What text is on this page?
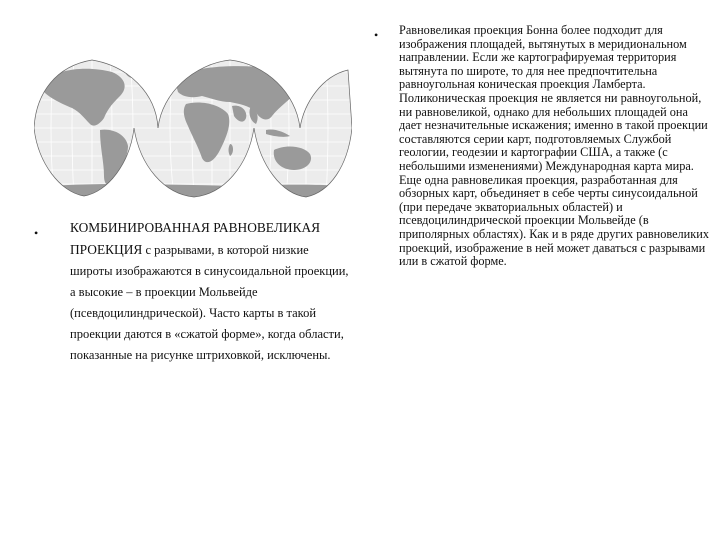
• КОМБИНИРОВАННАЯ РАВНОВЕЛИКАЯ ПРОЕКЦИЯ с разрывами, в которой низкие широты изображаются в синусоидальной проекции, а высокие – в проекции Мольвейде (псевдоцилиндрической). Часто карты в такой проекции даются в «сжатой форме», когда области, показанные на рисунке штриховкой, исключены.
• Равновеликая проекция Бонна более подходит для изображения площадей, вытянутых в меридиональном направлении. Если же картографируемая территория вытянута по широте, то для нее предпочтительна равноугольная коническая проекция Ламберта. Поликоническая проекция не является ни равноугольной, ни равновеликой, однако для небольших площадей она дает незначительные искажения; именно в такой проекции составляются серии карт, подготовляемых Службой геологии, геодезии и картографии США, а также (с небольшими изменениями) Международная карта мира. Еще одна равновеликая проекция, разработанная для обзорных карт, объединяет в себе черты синусоидальной (при передаче экваториальных областей) и псевдоцилиндрической проекции Мольвейде (в приполярных областях). Как и в ряде других равновеликих проекций, изображение в ней может даваться с разрывами или в сжатой форме.
